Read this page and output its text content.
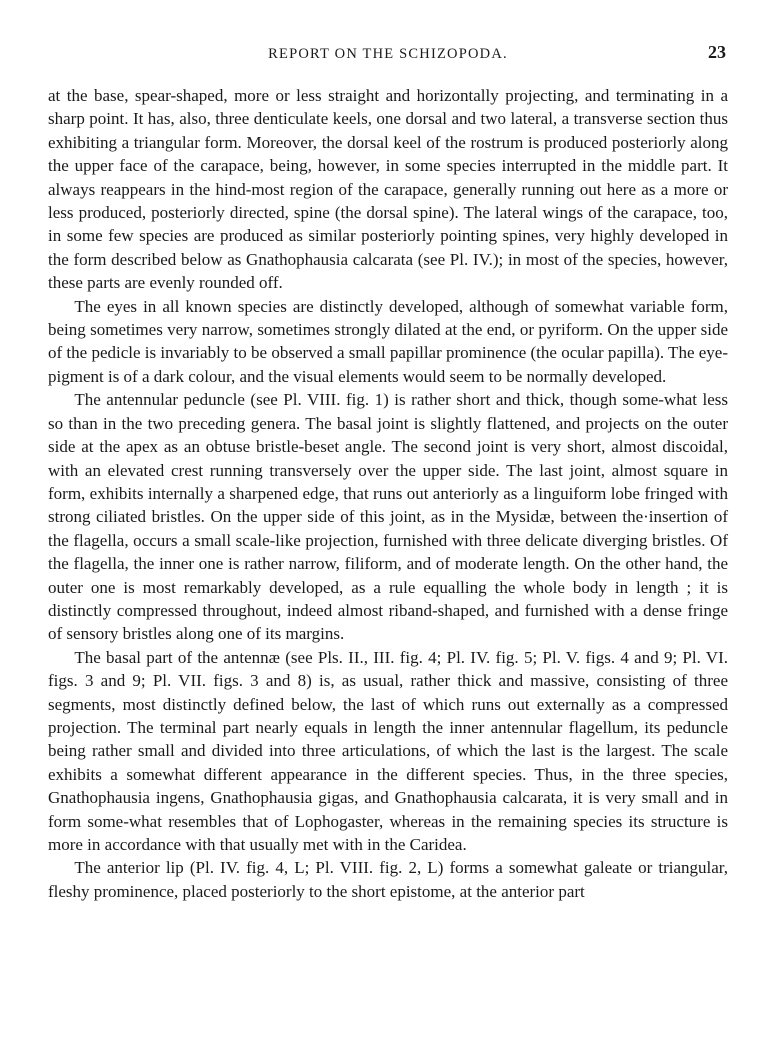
REPORT ON THE SCHIZOPODA.	23

at the base, spear-shaped, more or less straight and horizontally projecting, and terminating in a sharp point. It has, also, three denticulate keels, one dorsal and two lateral, a transverse section thus exhibiting a triangular form. Moreover, the dorsal keel of the rostrum is produced posteriorly along the upper face of the carapace, being, however, in some species interrupted in the middle part. It always reappears in the hind-most region of the carapace, generally running out here as a more or less produced, posteriorly directed, spine (the dorsal spine). The lateral wings of the carapace, too, in some few species are produced as similar posteriorly pointing spines, very highly developed in the form described below as Gnathophausia calcarata (see Pl. IV.); in most of the species, however, these parts are evenly rounded off.

The eyes in all known species are distinctly developed, although of somewhat variable form, being sometimes very narrow, sometimes strongly dilated at the end, or pyriform. On the upper side of the pedicle is invariably to be observed a small papillar prominence (the ocular papilla). The eye-pigment is of a dark colour, and the visual elements would seem to be normally developed.

The antennular peduncle (see Pl. VIII. fig. 1) is rather short and thick, though some-what less so than in the two preceding genera. The basal joint is slightly flattened, and projects on the outer side at the apex as an obtuse bristle-beset angle. The second joint is very short, almost discoidal, with an elevated crest running transversely over the upper side. The last joint, almost square in form, exhibits internally a sharpened edge, that runs out anteriorly as a linguiform lobe fringed with strong ciliated bristles. On the upper side of this joint, as in the Mysidæ, between the·insertion of the flagella, occurs a small scale-like projection, furnished with three delicate diverging bristles. Of the flagella, the inner one is rather narrow, filiform, and of moderate length. On the other hand, the outer one is most remarkably developed, as a rule equalling the whole body in length ; it is distinctly compressed throughout, indeed almost riband-shaped, and furnished with a dense fringe of sensory bristles along one of its margins.

The basal part of the antennæ (see Pls. II., III. fig. 4; Pl. IV. fig. 5; Pl. V. figs. 4 and 9; Pl. VI. figs. 3 and 9; Pl. VII. figs. 3 and 8) is, as usual, rather thick and massive, consisting of three segments, most distinctly defined below, the last of which runs out externally as a compressed projection. The terminal part nearly equals in length the inner antennular flagellum, its peduncle being rather small and divided into three articulations, of which the last is the largest. The scale exhibits a somewhat different appearance in the different species. Thus, in the three species, Gnathophausia ingens, Gnathophausia gigas, and Gnathophausia calcarata, it is very small and in form some-what resembles that of Lophogaster, whereas in the remaining species its structure is more in accordance with that usually met with in the Caridea.

The anterior lip (Pl. IV. fig. 4, L; Pl. VIII. fig. 2, L) forms a somewhat galeate or triangular, fleshy prominence, placed posteriorly to the short epistome, at the anterior part
